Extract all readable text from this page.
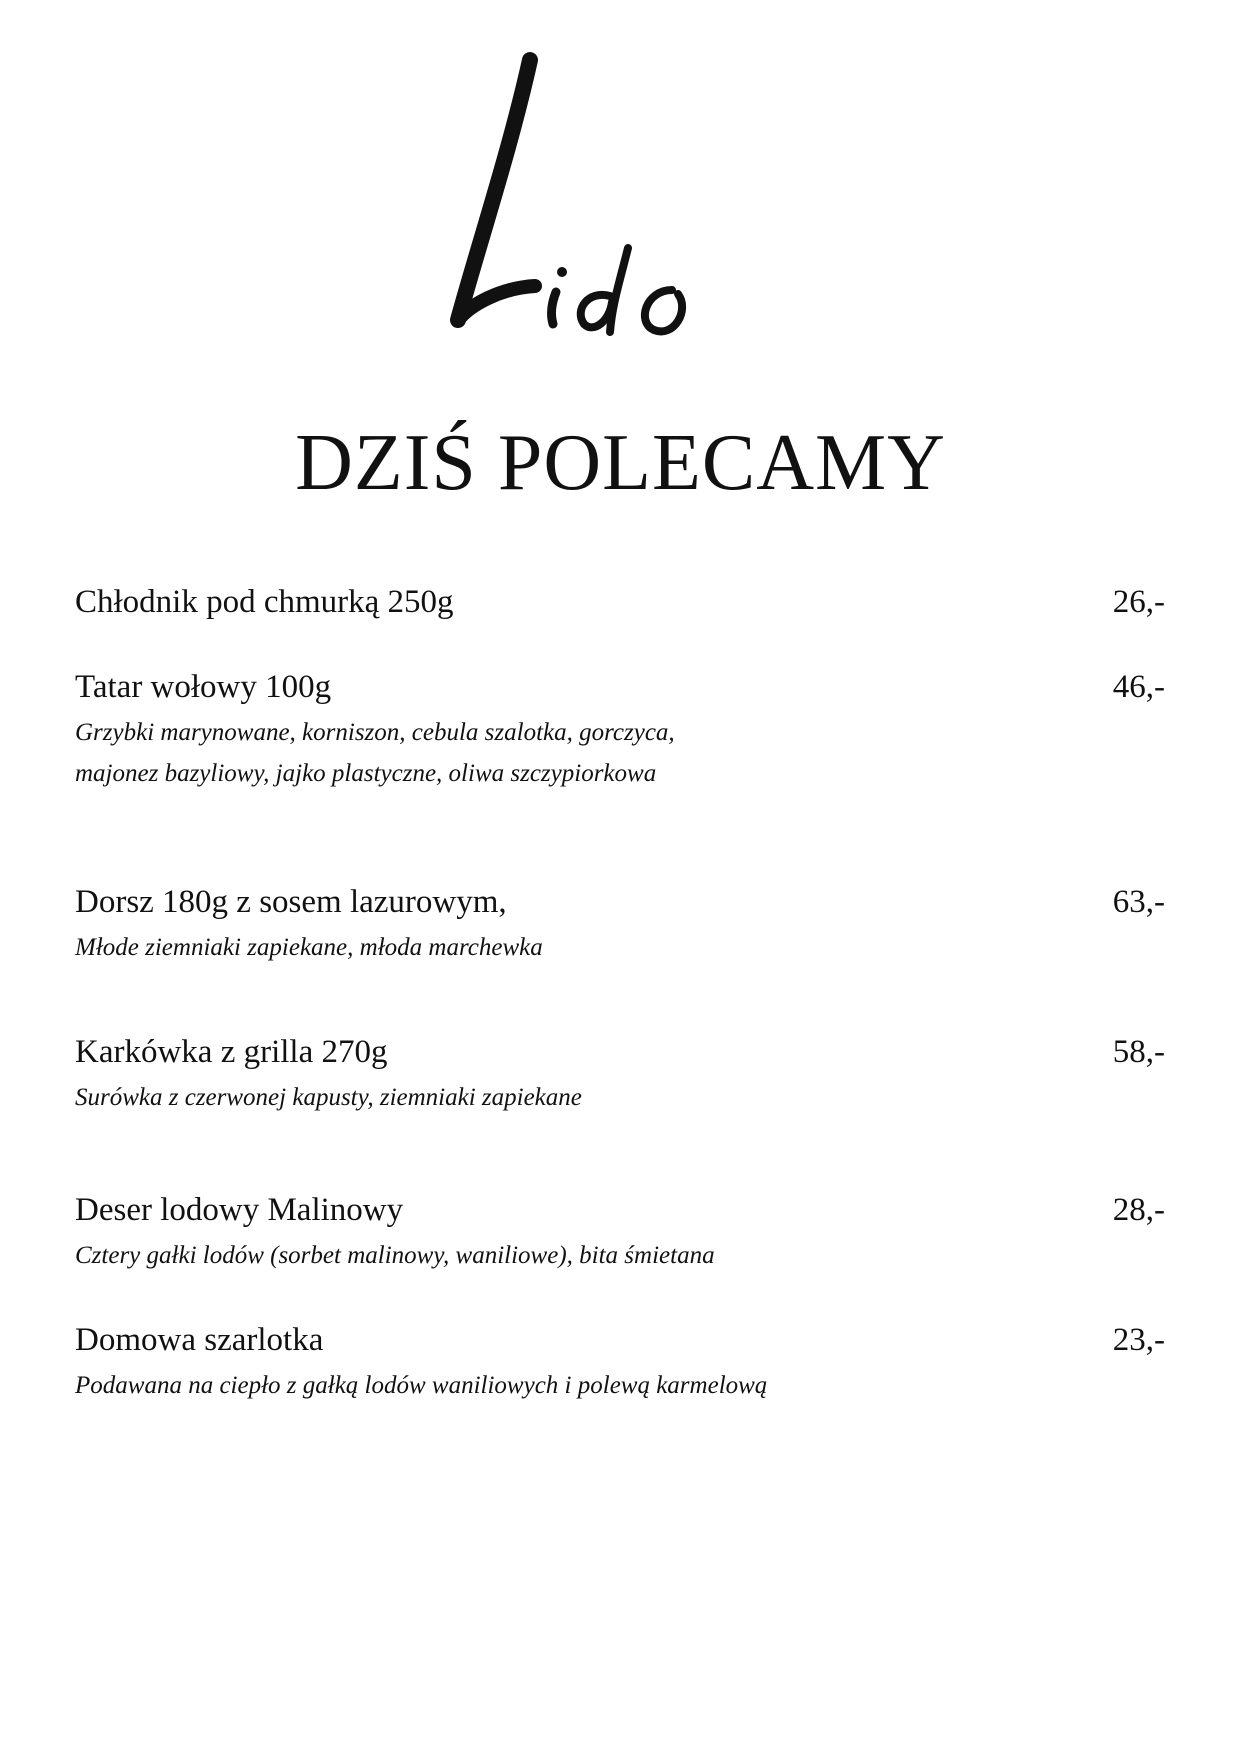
DZIŚ POLECAMY
Chłodnik pod chmurką 250g	26,-
Tatar wołowy 100g	46,-
Grzybki marynowane, korniszon, cebula szalotka, gorczyca,
majonez bazyliowy, jajko plastyczne, oliwa szczypiorkowa
Dorsz 180g z sosem lazurowym,	63,-
Młode ziemniaki zapiekane, młoda marchewka
Karkówka z grilla 270g	58,-
Surówka z czerwonej kapusty, ziemniaki zapiekane
Deser lodowy Malinowy	28,-
Cztery gałki lodów (sorbet malinowy, waniliowe), bita śmietana
Domowa szarlotka	23,-
Podawana na ciepło z gałką lodów waniliowych i polewą karmelową
